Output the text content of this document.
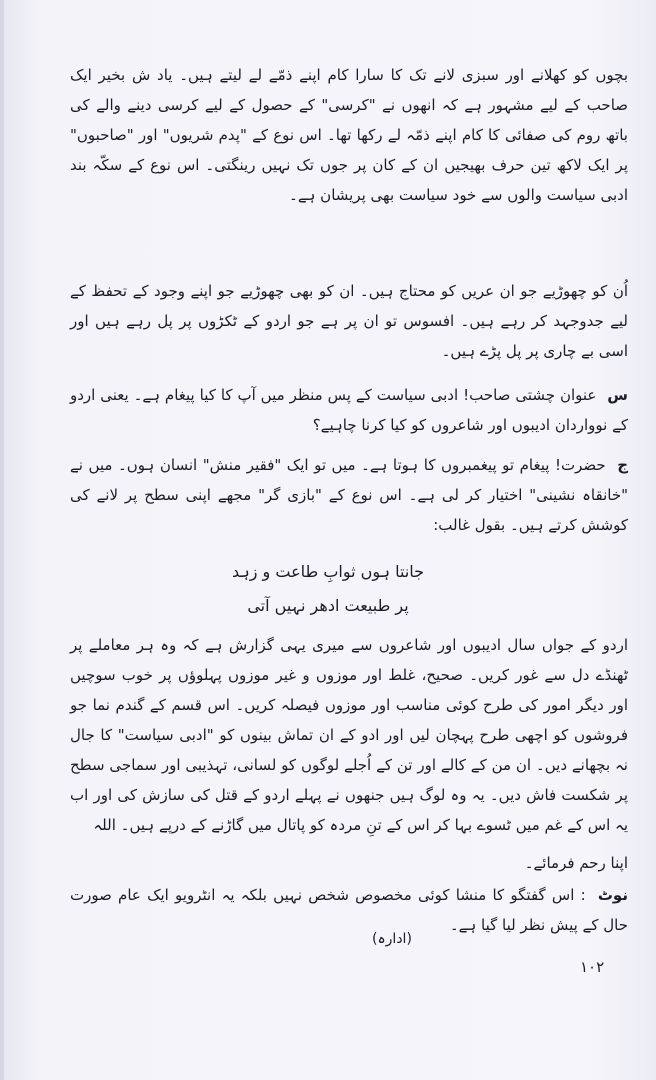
بچوں کو کھلانے اور سبزی لانے تک کا سارا کام اپنے ذمّے لے لیتے ہیں۔ یاد ش بخیر ایک صاحب کے لیے مشہور ہے کہ انھوں نے "کرسی" کے حصول کے لیے کرسی دینے والے کی باتھ روم کی صفائی کا کام اپنے ذمّہ لے رکھا تھا۔ اس نوع کے "پدم شریوں" اور "صاحبوں" پر ایک لاکھ تین حرف بھیجیں ان کے کان پر جوں تک نہیں رینگتی۔ اس نوع کے سکّہ بند ادبی سیاست والوں سے خود سیاست بھی پریشان ہے۔
اُن کو چھوڑیے جو ان عریں کو محتاج ہیں۔ ان کو بھی چھوڑیے جو اپنے وجود کے تحفظ کے لیے جدوجہد کر رہے ہیں۔ افسوس تو ان پر ہے جو اردو کے ٹکڑوں پر پل رہے ہیں اور اسی بے چاری پر پل پڑے ہیں۔
س عنوان چشتی صاحب! ادبی سیاست کے پس منظر میں آپ کا کیا پیغام ہے۔ یعنی اردو کے نوواردان ادیبوں اور شاعروں کو کیا کرنا چاہیے؟
ج حضرت! پیغام تو پیغمبروں کا ہوتا ہے۔ میں تو ایک "فقیر منش" انسان ہوں۔ میں نے "خانقاہ نشینی" اختیار کر لی ہے۔ اس نوع کے "بازی گر" مجھے اپنی سطح پر لانے کی کوشش کرتے ہیں۔ بقول غالب:
جانتا ہوں ثوابِ طاعت و زہد
پر طبیعت ادھر نہیں آتی
اردو کے جواں سال ادیبوں اور شاعروں سے میری یہی گزارش ہے کہ وہ ہر معاملے پر ٹھنڈے دل سے غور کریں۔ صحیح، غلط اور موزوں و غیر موزوں پہلوؤں پر خوب سوچیں اور دیگر امور کی طرح کوئی مناسب اور موزوں فیصلہ کریں۔ اس قسم کے گندم نما جو فروشوں کو اچھی طرح پہچان لیں اور ادو کے ان تماش بینوں کو "ادبی سیاست" کا جال نہ بچھانے دیں۔ ان من کے کالے اور تن کے اُجلے لوگوں کو لسانی، تہذیبی اور سماجی سطح پر شکست فاش دیں۔ یہ وہ لوگ ہیں جنھوں نے پہلے اردو کے قتل کی سازش کی اور اب یہ اس کے غم میں ٹسوے بہا کر اس کے تنِ مردہ کو پاتال میں گاڑنے کے درپے ہیں۔ اللہ
اپنا رحم فرمائے۔
نوٹ : اس گفتگو کا منشا کوئی مخصوص شخص نہیں بلکہ یہ انٹرویو ایک عام صورت حال کے پیش نظر لیا گیا ہے۔
(ادارہ)
۱۰۲
